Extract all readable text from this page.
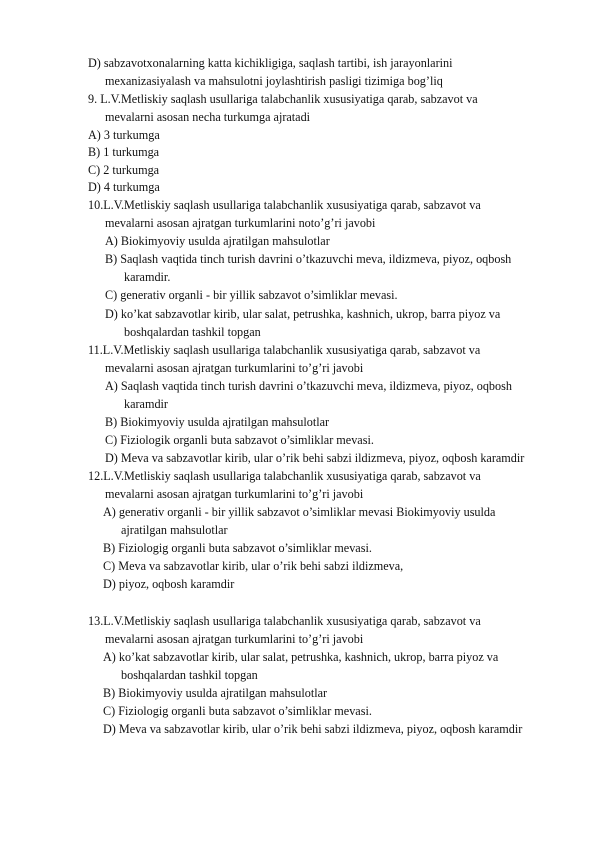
D) sabzavotxonalarning katta kichikligiga, saqlash tartibi, ish jarayonlarini
mexanizasiyalash va mahsulotni joylashtirish pasligi tizimiga bog’liq
9. L.V.Metliskiy saqlash usullariga talabchanlik xususiyatiga qarab, sabzavot va
mevalarni asosan necha turkumga ajratadi
A) 3 turkumga
B) 1 turkumga
C) 2 turkumga
D) 4 turkumga
10.L.V.Metliskiy saqlash usullariga talabchanlik xususiyatiga qarab, sabzavot va
mevalarni asosan ajratgan turkumlarini noto’g’ri javobi
A) Biokimyoviy usulda ajratilgan mahsulotlar
B) Saqlash vaqtida tinch turish davrini o’tkazuvchi meva, ildizmeva, piyoz, oqbosh
karamdir.
C) generativ organli - bir yillik sabzavot o’simliklar mevasi.
D) ko’kat sabzavotlar kirib, ular salat, petrushka, kashnich, ukrop, barra piyoz va
boshqalardan tashkil topgan
11.L.V.Metliskiy saqlash usullariga talabchanlik xususiyatiga qarab, sabzavot va
mevalarni asosan ajratgan turkumlarini to’g’ri javobi
A) Saqlash vaqtida tinch turish davrini o’tkazuvchi meva, ildizmeva, piyoz, oqbosh
karamdir
B) Biokimyoviy usulda ajratilgan mahsulotlar
C) Fiziologik organli buta sabzavot o’simliklar mevasi.
D) Meva va sabzavotlar kirib, ular o’rik behi sabzi ildizmeva, piyoz, oqbosh karamdir
12.L.V.Metliskiy saqlash usullariga talabchanlik xususiyatiga qarab, sabzavot va
mevalarni asosan ajratgan turkumlarini to’g’ri javobi
A) generativ organli - bir yillik sabzavot o’simliklar mevasi Biokimyoviy usulda
ajratilgan mahsulotlar
B) Fiziologig organli buta sabzavot o’simliklar mevasi.
C) Meva va sabzavotlar kirib, ular o’rik behi sabzi ildizmeva,
D) piyoz, oqbosh karamdir
13.L.V.Metliskiy saqlash usullariga talabchanlik xususiyatiga qarab, sabzavot va
mevalarni asosan ajratgan turkumlarini to’g’ri javobi
A) ko’kat sabzavotlar kirib, ular salat, petrushka, kashnich, ukrop, barra piyoz va
boshqalardan tashkil topgan
B) Biokimyoviy usulda ajratilgan mahsulotlar
C) Fiziologig organli buta sabzavot o’simliklar mevasi.
D) Meva va sabzavotlar kirib, ular o’rik behi sabzi ildizmeva, piyoz, oqbosh karamdir
